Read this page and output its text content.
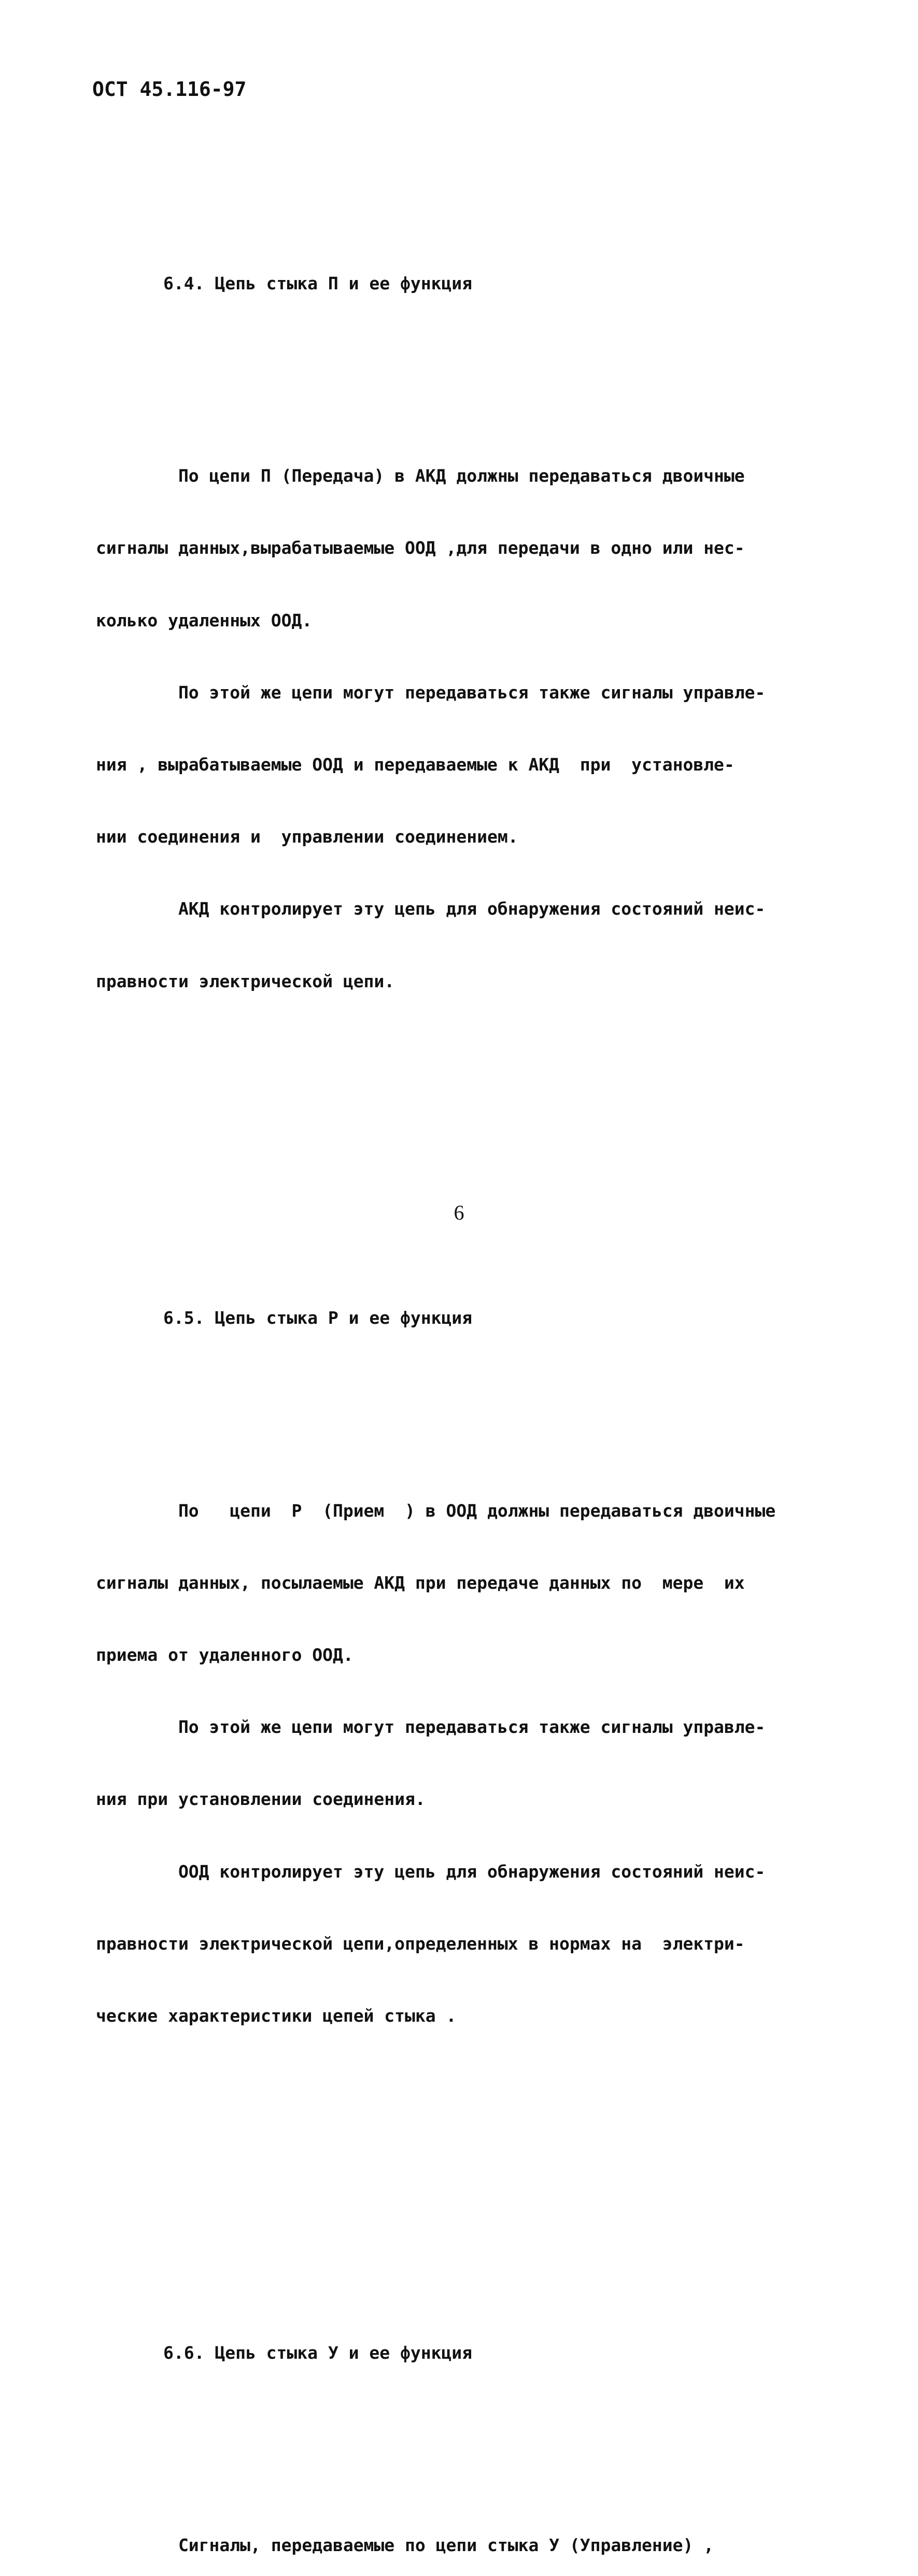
ОСТ 45.116-97

6.4. Цепь стыка П и ее функция

По цепи П (Передача) в АКД должны передаваться двоичные

сигналы данных,вырабатываемые ООД ,для передачи в одно или нес-

колько удаленных ООД.

По этой же цепи могут передаваться также сигналы управле-

ния , вырабатываемые ООД и передаваемые к АКД  при  установле-

нии соединения и  управлении соединением.

АКД контролирует эту цепь для обнаружения состояний неис-

правности электрической цепи.

6.5. Цепь стыка Р и ее функция

По   цепи  Р  (Прием  ) в ООД должны передаваться двоичные

сигналы данных, посылаемые АКД при передаче данных по  мере  их

приема от удаленного ООД.

По этой же цепи могут передаваться также сигналы управле-

ния при установлении соединения.

ООД контролирует эту цепь для обнаружения состояний неис-

правности электрической цепи,определенных в нормах на  электри-

ческие характеристики цепей стыка .

6.6. Цепь стыка У и ее функция

Сигналы, передаваемые по цепи стыка У (Управление) ,

6
